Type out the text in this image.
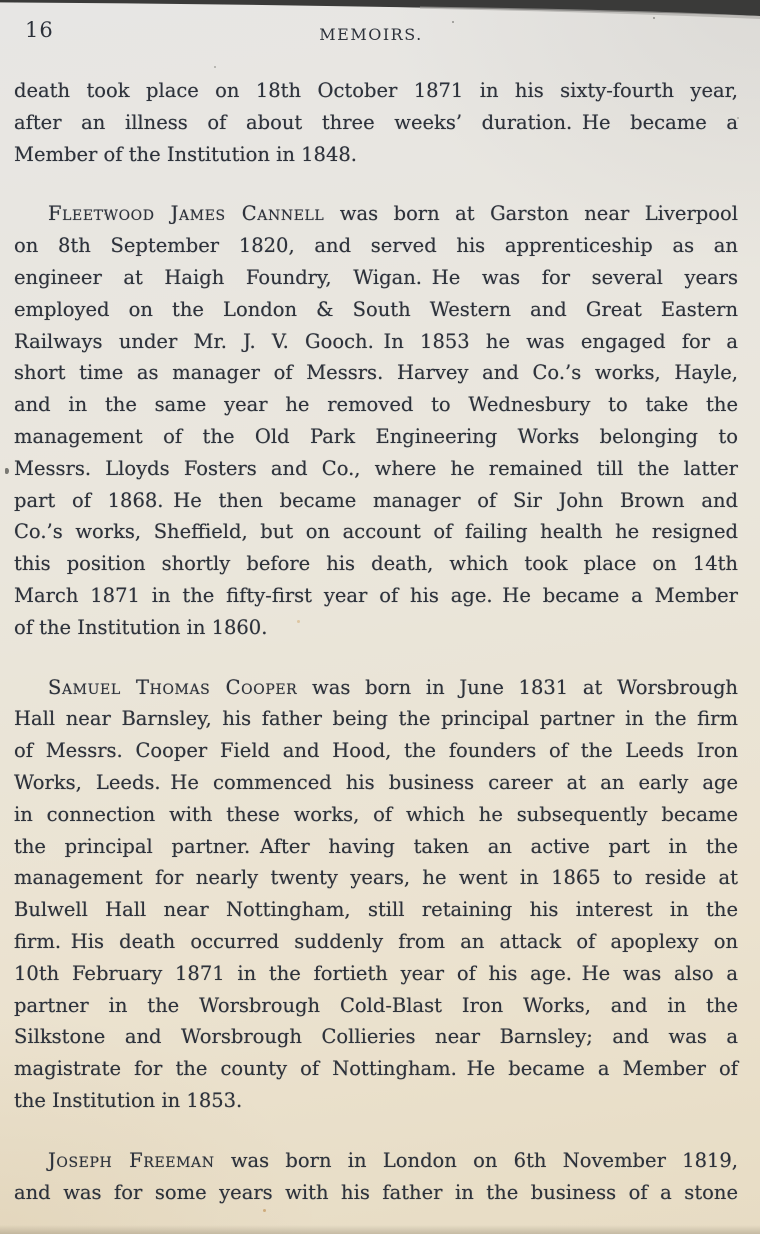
16	MEMOIRS.
death took place on 18th October 1871 in his sixty-fourth year,
after an illness of about three weeks’ duration. He became a
Member of the Institution in 1848.
Fleetwood James Cannell was born at Garston near Liverpool
on 8th September 1820, and served his apprenticeship as an
engineer at Haigh Foundry, Wigan. He was for several years
employed on the London & South Western and Great Eastern
Railways under Mr. J. V. Gooch. In 1853 he was engaged for a
short time as manager of Messrs. Harvey and Co.’s works, Hayle,
and in the same year he removed to Wednesbury to take the
management of the Old Park Engineering Works belonging to
Messrs. Lloyds Fosters and Co., where he remained till the latter
part of 1868. He then became manager of Sir John Brown and
Co.’s works, Sheffield, but on account of failing health he resigned
this position shortly before his death, which took place on 14th
March 1871 in the fifty-first year of his age. He became a Member
of the Institution in 1860.
Samuel Thomas Cooper was born in June 1831 at Worsbrough
Hall near Barnsley, his father being the principal partner in the firm
of Messrs. Cooper Field and Hood, the founders of the Leeds Iron
Works, Leeds. He commenced his business career at an early age
in connection with these works, of which he subsequently became
the principal partner. After having taken an active part in the
management for nearly twenty years, he went in 1865 to reside at
Bulwell Hall near Nottingham, still retaining his interest in the
firm. His death occurred suddenly from an attack of apoplexy on
10th February 1871 in the fortieth year of his age. He was also a
partner in the Worsbrough Cold-Blast Iron Works, and in the
Silkstone and Worsbrough Collieries near Barnsley; and was a
magistrate for the county of Nottingham. He became a Member of
the Institution in 1853.
Joseph Freeman was born in London on 6th November 1819,
and was for some years with his father in the business of a stone
